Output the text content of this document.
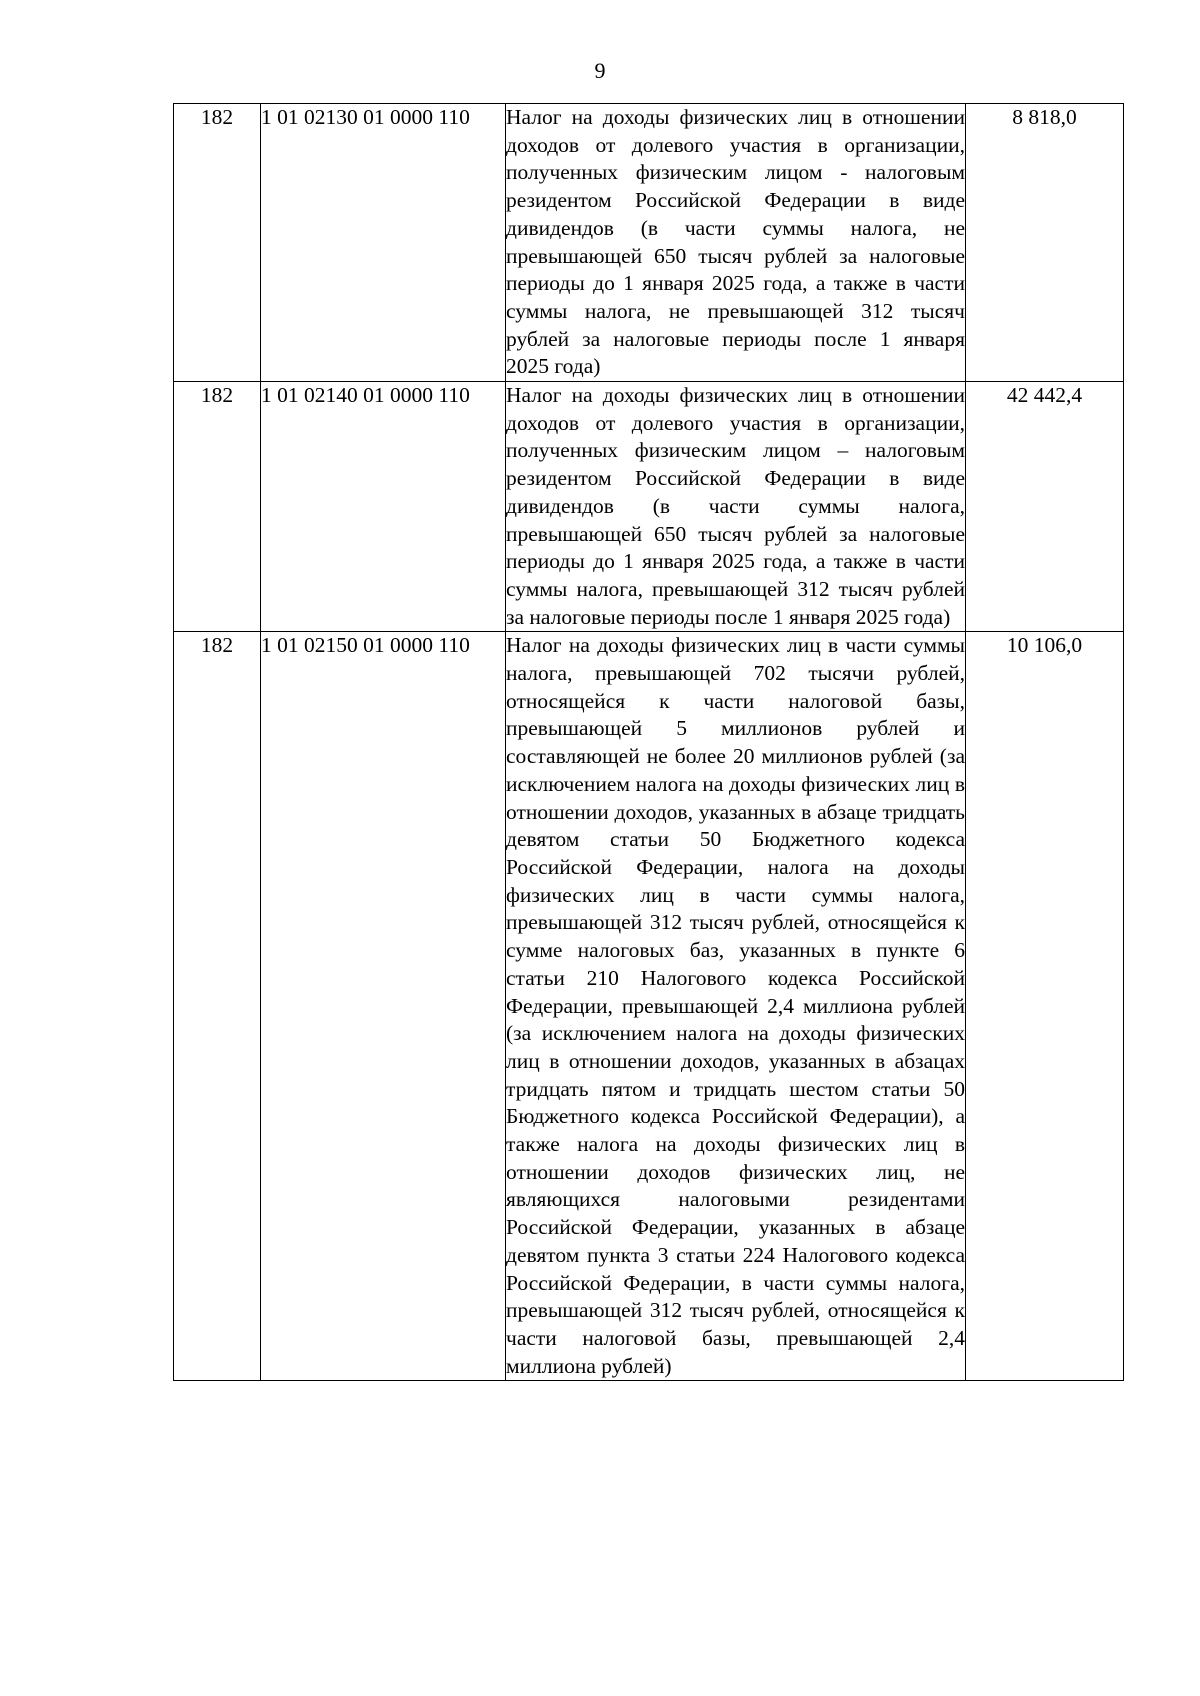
9
182	1 01 02130 01 0000 110	Налог на доходы физических лиц в отношении доходов от долевого участия в организации, полученных физическим лицом - налоговым резидентом Российской Федерации в виде дивидендов (в части суммы налога, не превышающей 650 тысяч рублей за налоговые периоды до 1 января 2025 года, а также в части суммы налога, не превышающей 312 тысяч рублей за налоговые периоды после 1 января 2025 года)	8 818,0
182	1 01 02140 01 0000 110	Налог на доходы физических лиц в отношении доходов от долевого участия в организации, полученных физическим лицом – налоговым резидентом Российской Федерации в виде дивидендов (в части суммы налога, превышающей 650 тысяч рублей за налоговые периоды до 1 января 2025 года, а также в части суммы налога, превышающей 312 тысяч рублей за налоговые периоды после 1 января 2025 года)	42 442,4
182	1 01 02150 01 0000 110	Налог на доходы физических лиц в части суммы налога, превышающей 702 тысячи рублей, относящейся к части налоговой базы, превышающей 5 миллионов рублей и составляющей не более 20 миллионов рублей (за исключением налога на доходы физических лиц в отношении доходов, указанных в абзаце тридцать девятом статьи 50 Бюджетного кодекса Российской Федерации, налога на доходы физических лиц в части суммы налога, превышающей 312 тысяч рублей, относящейся к сумме налоговых баз, указанных в пункте 6 статьи 210 Налогового кодекса Российской Федерации, превышающей 2,4 миллиона рублей (за исключением налога на доходы физических лиц в отношении доходов, указанных в абзацах тридцать пятом и тридцать шестом статьи 50 Бюджетного кодекса Российской Федерации), а также налога на доходы физических лиц в отношении доходов физических лиц, не являющихся налоговыми резидентами Российской Федерации, указанных в абзаце девятом пункта 3 статьи 224 Налогового кодекса Российской Федерации, в части суммы налога, превышающей 312 тысяч рублей, относящейся к части налоговой базы, превышающей 2,4 миллиона рублей)	10 106,0
